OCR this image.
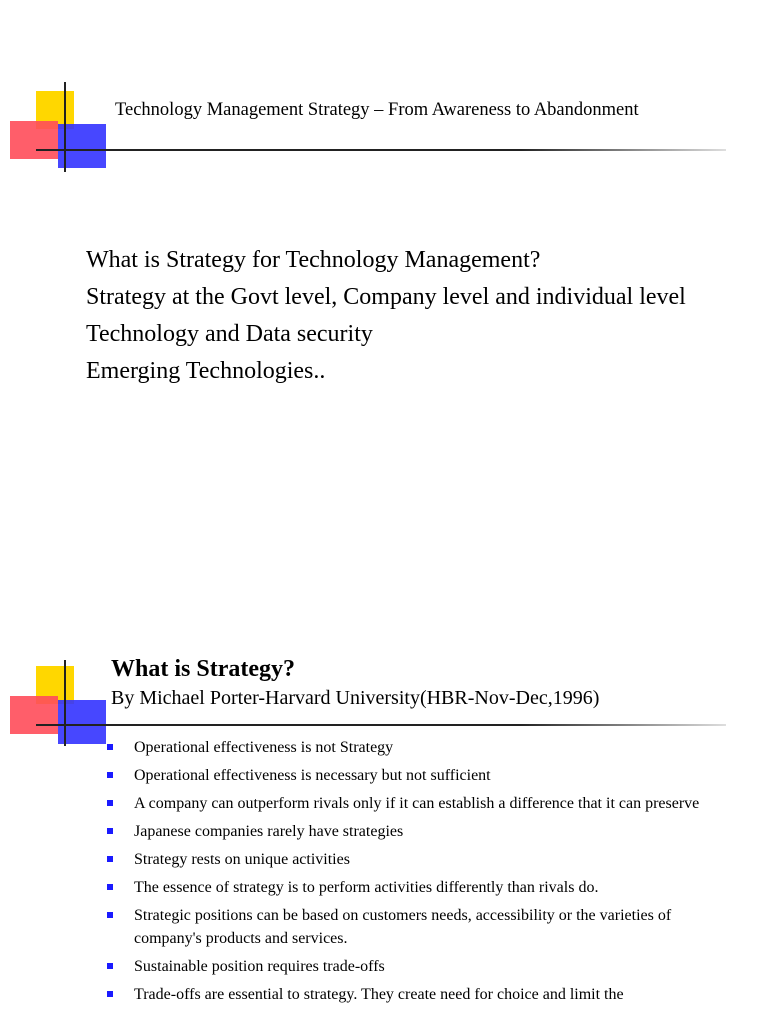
Technology Management Strategy – From Awareness to Abandonment
What is Strategy for Technology Management?
Strategy at the Govt level, Company level and individual level
Technology and Data security
Emerging Technologies..
What is Strategy?
By Michael Porter-Harvard University(HBR-Nov-Dec,1996)
Operational effectiveness is not Strategy
Operational effectiveness is necessary but not sufficient
A company can outperform rivals only if it can establish a difference that it can preserve
Japanese companies rarely have strategies
Strategy rests on unique activities
The essence of strategy is to perform activities differently than rivals do.
Strategic positions can be based on customers needs, accessibility or the varieties of company's products and services.
Sustainable position requires trade-offs
Trade-offs are essential to strategy. They create need for choice and limit the
